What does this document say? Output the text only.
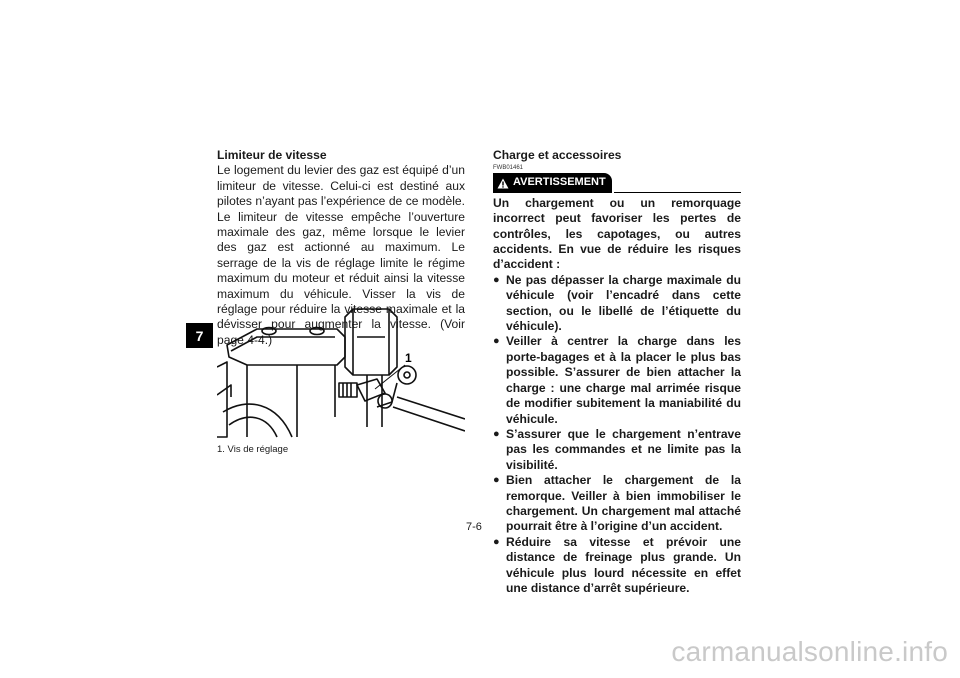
7
Limiteur de vitesse
Le logement du levier des gaz est équipé d’un limiteur de vitesse. Celui-ci est destiné aux pilotes n’ayant pas l’expérience de ce modèle. Le limiteur de vitesse empêche l’ouverture maximale des gaz, même lorsque le levier des gaz est actionné au maximum. Le serrage de la vis de réglage limite le régime maximum du moteur et réduit ainsi la vitesse maximum du véhicule. Visser la vis de réglage pour réduire la vitesse maximale et la dévisser pour augmenter la vitesse. (Voir page 4-4.)
1
1. Vis de réglage
Charge et accessoires
FWB01461
AVERTISSEMENT
Un chargement ou un remorquage incorrect peut favoriser les pertes de contrôles, les capotages, ou autres accidents. En vue de réduire les risques d’accident :
● Ne pas dépasser la charge maximale du véhicule (voir l’encadré dans cette section, ou le libellé de l’étiquette du véhicule).
● Veiller à centrer la charge dans les porte-bagages et à la placer le plus bas possible. S’assurer de bien attacher la charge : une charge mal arrimée risque de modifier subitement la maniabilité du véhicule.
● S’assurer que le chargement n’entrave pas les commandes et ne limite pas la visibilité.
● Bien attacher le chargement de la remorque. Veiller à bien immobiliser le chargement. Un chargement mal attaché pourrait être à l’origine d’un accident.
● Réduire sa vitesse et prévoir une distance de freinage plus grande. Un véhicule plus lourd nécessite en effet une distance d’arrêt supérieure.
7-6
carmanualsonline.info
